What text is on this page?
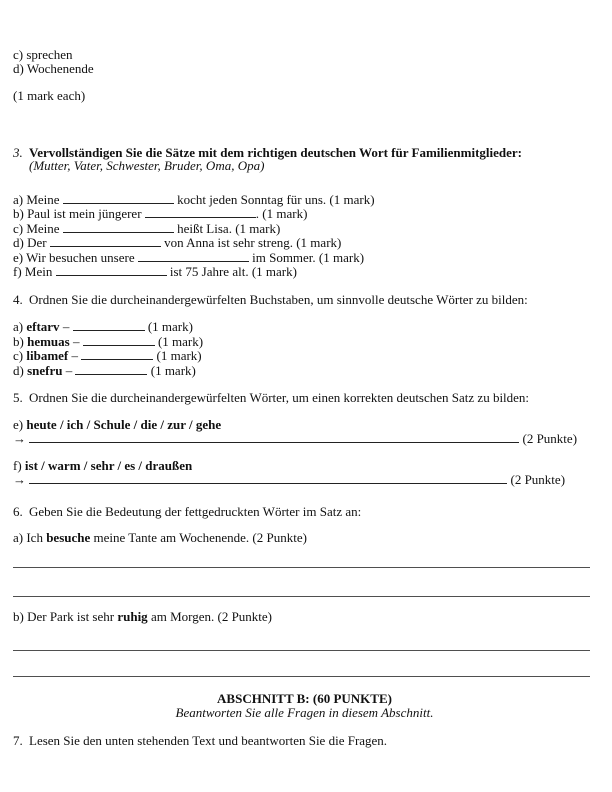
c) sprechen
d) Wochenende
(1 mark each)
3. Vervollständigen Sie die Sätze mit dem richtigen deutschen Wort für Familienmitglieder:
(Mutter, Vater, Schwester, Bruder, Oma, Opa)
a) Meine	kocht jeden Sonntag für uns. (1 mark)
b) Paul ist mein jüngerer	. (1 mark)
c) Meine	heißt Lisa. (1 mark)
d) Der	von Anna ist sehr streng. (1 mark)
e) Wir besuchen unsere	im Sommer. (1 mark)
f) Mein	ist 75 Jahre alt. (1 mark)
4. Ordnen Sie die durcheinandergewürfelten Buchstaben, um sinnvolle deutsche Wörter zu bilden:
a) eftarv –	(1 mark)
b) hemuas –	(1 mark)
c) libamef –	(1 mark)
d) snefru –	(1 mark)
5. Ordnen Sie die durcheinandergewürfelten Wörter, um einen korrekten deutschen Satz zu bilden:
e) heute / ich / Schule / die / zur / gehe
→	(2 Punkte)
f) ist / warm / sehr / es / draußen
→	(2 Punkte)
6. Geben Sie die Bedeutung der fettgedruckten Wörter im Satz an:
a) Ich besuche meine Tante am Wochenende. (2 Punkte)
b) Der Park ist sehr ruhig am Morgen. (2 Punkte)
ABSCHNITT B: (60 PUNKTE)
Beantworten Sie alle Fragen in diesem Abschnitt.
7. Lesen Sie den unten stehenden Text und beantworten Sie die Fragen.
